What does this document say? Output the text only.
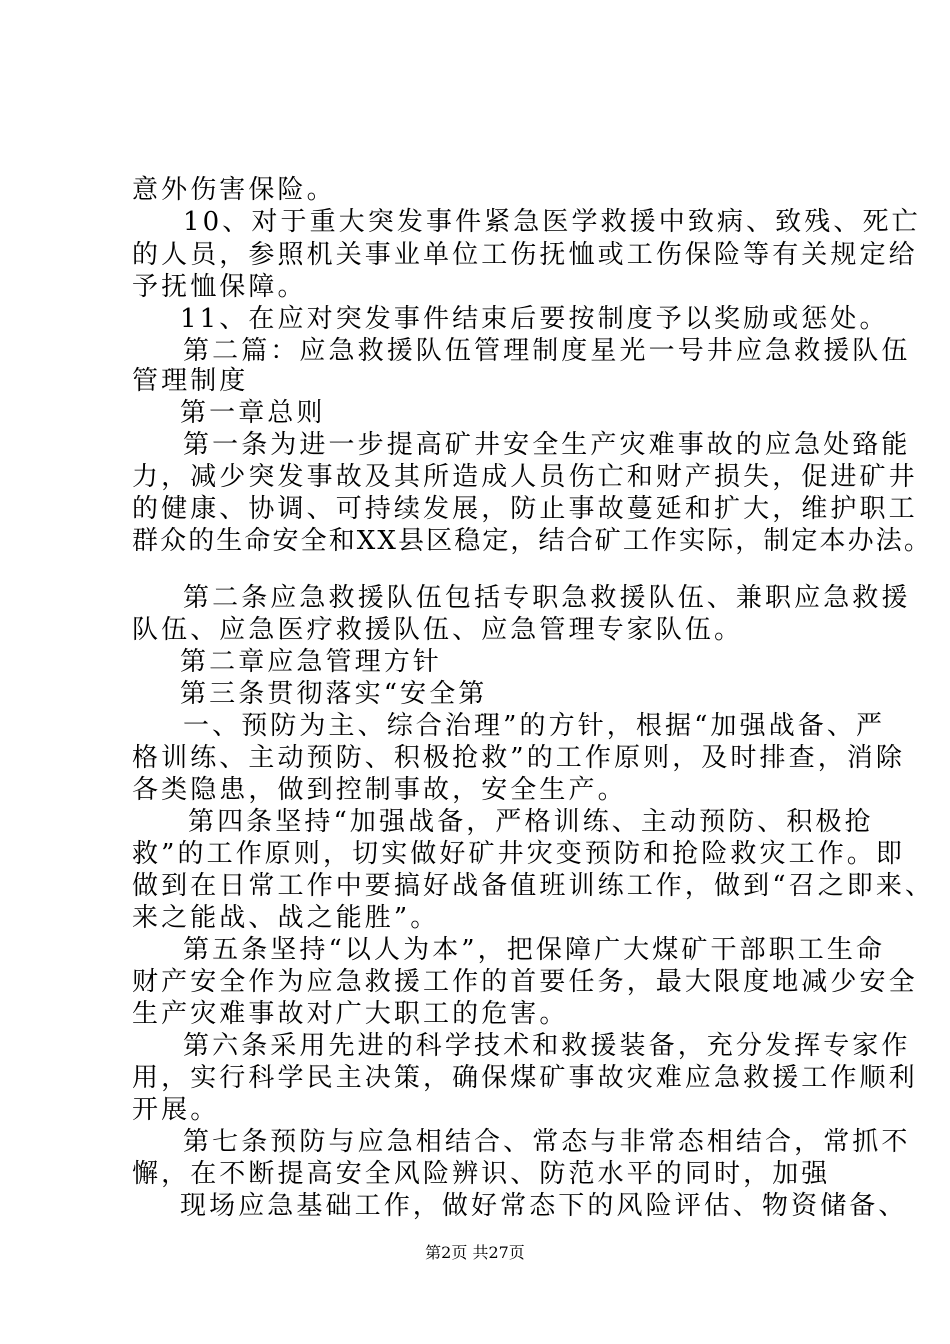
意外伤害保险。
10、对于重大突发事件紧急医学救援中致病、致残、死亡
的人员，参照机关事业单位工伤抚恤或工伤保险等有关规定给
予抚恤保障。
11、在应对突发事件结束后要按制度予以奖励或惩处。
第二篇：应急救援队伍管理制度星光一号井应急救援队伍
管理制度
第一章总则
第一条为进一步提高矿井安全生产灾难事故的应急处臵能
力，减少突发事故及其所造成人员伤亡和财产损失，促进矿井
的健康、协调、可持续发展，防止事故蔓延和扩大，维护职工
群众的生命安全和XX县区稳定，结合矿工作实际，制定本办法。
第二条应急救援队伍包括专职急救援队伍、兼职应急救援
队伍、应急医疗救援队伍、应急管理专家队伍。
第二章应急管理方针
第三条贯彻落实“安全第
一、预防为主、综合治理”的方针，根据“加强战备、严
格训练、主动预防、积极抢救”的工作原则，及时排查，消除
各类隐患，做到控制事故，安全生产。
第四条坚持“加强战备，严格训练、主动预防、积极抢
救”的工作原则，切实做好矿井灾变预防和抢险救灾工作。即
做到在日常工作中要搞好战备值班训练工作，做到“召之即来、
来之能战、战之能胜”。
第五条坚持“以人为本”，把保障广大煤矿干部职工生命
财产安全作为应急救援工作的首要任务，最大限度地减少安全
生产灾难事故对广大职工的危害。
第六条采用先进的科学技术和救援装备，充分发挥专家作
用，实行科学民主决策，确保煤矿事故灾难应急救援工作顺利
开展。
第七条预防与应急相结合、常态与非常态相结合，常抓不
懈，在不断提高安全风险辨识、防范水平的同时，加强
现场应急基础工作，做好常态下的风险评估、物资储备、
第2页 共27页
